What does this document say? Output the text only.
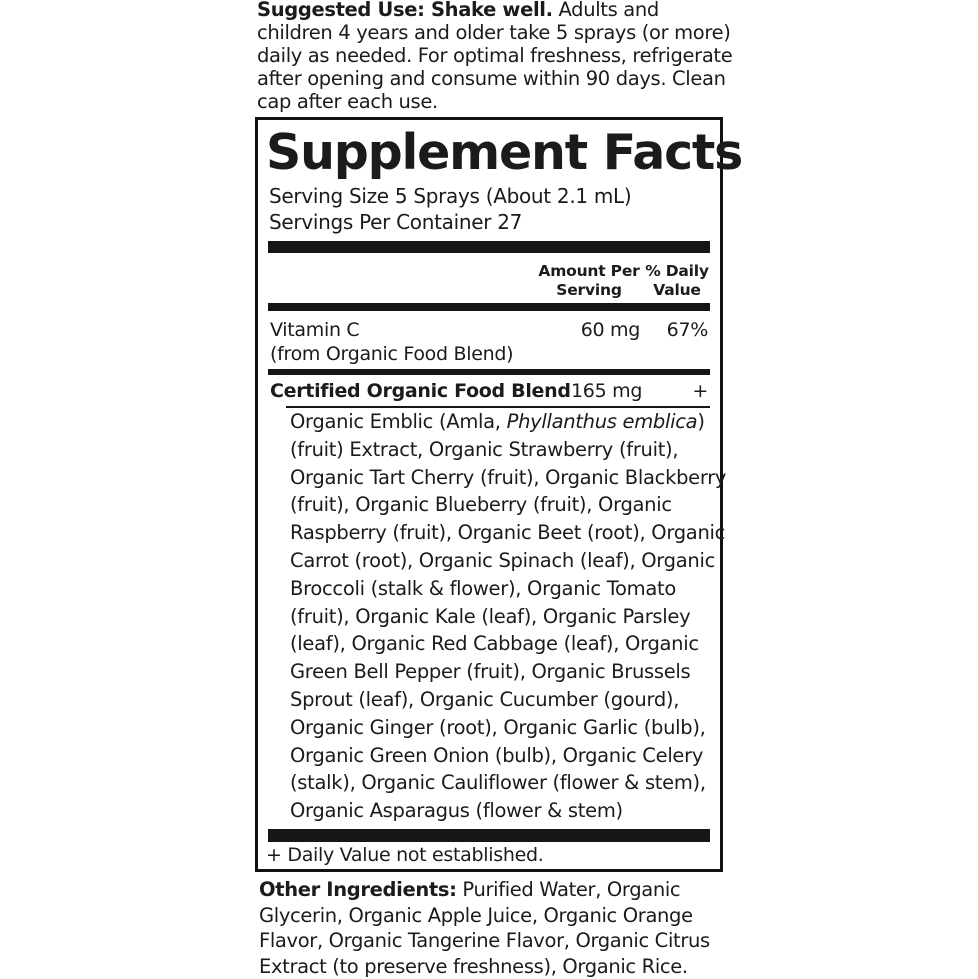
Suggested Use: Shake well. Adults and children 4 years and older take 5 sprays (or more) daily as needed. For optimal freshness, refrigerate after opening and consume within 90 days. Clean cap after each use.
Supplement Facts
Serving Size 5 Sprays (About 2.1 mL)
Servings Per Container 27
Amount Per
Serving
% Daily
Value
Vitamin C
(from Organic Food Blend)
60 mg	67%
Certified Organic Food Blend 165 mg	+
Organic Emblic (Amla, Phyllanthus emblica)
(fruit) Extract, Organic Strawberry (fruit),
Organic Tart Cherry (fruit), Organic Blackberry
(fruit), Organic Blueberry (fruit), Organic
Raspberry (fruit), Organic Beet (root), Organic
Carrot (root), Organic Spinach (leaf), Organic
Broccoli (stalk & flower), Organic Tomato
(fruit), Organic Kale (leaf), Organic Parsley
(leaf), Organic Red Cabbage (leaf), Organic
Green Bell Pepper (fruit), Organic Brussels
Sprout (leaf), Organic Cucumber (gourd),
Organic Ginger (root), Organic Garlic (bulb),
Organic Green Onion (bulb), Organic Celery
(stalk), Organic Cauliflower (flower & stem),
Organic Asparagus (flower & stem)
+ Daily Value not established.
Other Ingredients: Purified Water, Organic Glycerin, Organic Apple Juice, Organic Orange Flavor, Organic Tangerine Flavor, Organic Citrus Extract (to preserve freshness), Organic Rice.
